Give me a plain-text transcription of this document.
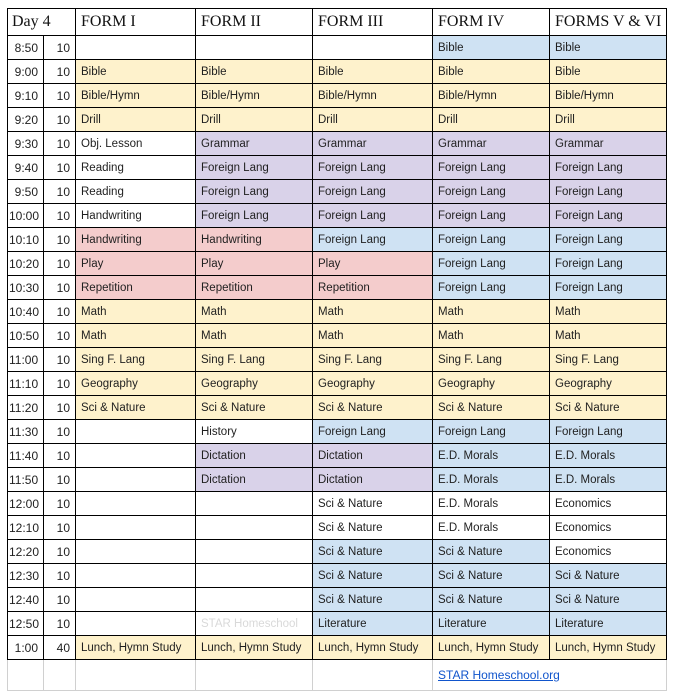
Day 4		FORM I	FORM II	FORM III	FORM IV	FORMS V & VI
8:50	10				Bible	Bible
9:00	10	Bible	Bible	Bible	Bible	Bible
9:10	10	Bible/Hymn	Bible/Hymn	Bible/Hymn	Bible/Hymn	Bible/Hymn
9:20	10	Drill	Drill	Drill	Drill	Drill
9:30	10	Obj. Lesson	Grammar	Grammar	Grammar	Grammar
9:40	10	Reading	Foreign Lang	Foreign Lang	Foreign Lang	Foreign Lang
9:50	10	Reading	Foreign Lang	Foreign Lang	Foreign Lang	Foreign Lang
10:00	10	Handwriting	Foreign Lang	Foreign Lang	Foreign Lang	Foreign Lang
10:10	10	Handwriting	Handwriting	Foreign Lang	Foreign Lang	Foreign Lang
10:20	10	Play	Play	Play	Foreign Lang	Foreign Lang
10:30	10	Repetition	Repetition	Repetition	Foreign Lang	Foreign Lang
10:40	10	Math	Math	Math	Math	Math
10:50	10	Math	Math	Math	Math	Math
11:00	10	Sing F. Lang	Sing F. Lang	Sing F. Lang	Sing F. Lang	Sing F. Lang
11:10	10	Geography	Geography	Geography	Geography	Geography
11:20	10	Sci & Nature	Sci & Nature	Sci & Nature	Sci & Nature	Sci & Nature
11:30	10		History	Foreign Lang	Foreign Lang	Foreign Lang
11:40	10		Dictation	Dictation	E.D. Morals	E.D. Morals
11:50	10		Dictation	Dictation	E.D. Morals	E.D. Morals
12:00	10			Sci & Nature	E.D. Morals	Economics
12:10	10			Sci & Nature	E.D. Morals	Economics
12:20	10			Sci & Nature	Sci & Nature	Economics
12:30	10			Sci & Nature	Sci & Nature	Sci & Nature
12:40	10			Sci & Nature	Sci & Nature	Sci & Nature
12:50	10		STAR Homeschool	Literature	Literature	Literature
1:00	40	Lunch, Hymn Study	Lunch, Hymn Study	Lunch, Hymn Study	Lunch, Hymn Study	Lunch, Hymn Study
					STAR Homeschool.org	
